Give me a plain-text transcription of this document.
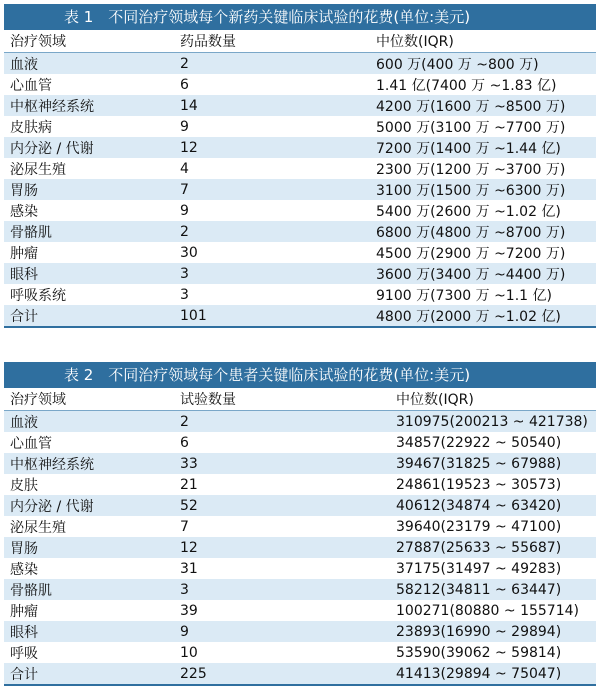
表 1　不同治疗领域每个新药关键临床试验的花费(单位:美元)
治疗领域	药品数量	中位数(IQR)
血液	2	600 万(400 万 ~800 万)
心血管	6	1.41 亿(7400 万 ~1.83 亿)
中枢神经系统	14	4200 万(1600 万 ~8500 万)
皮肤病	9	5000 万(3100 万 ~7700 万)
内分泌 / 代谢	12	7200 万(1400 万 ~1.44 亿)
泌尿生殖	4	2300 万(1200 万 ~3700 万)
胃肠	7	3100 万(1500 万 ~6300 万)
感染	9	5400 万(2600 万 ~1.02 亿)
骨骼肌	2	6800 万(4800 万 ~8700 万)
肿瘤	30	4500 万(2900 万 ~7200 万)
眼科	3	3600 万(3400 万 ~4400 万)
呼吸系统	3	9100 万(7300 万 ~1.1 亿)
合计	101	4800 万(2000 万 ~1.02 亿)
表 2　不同治疗领域每个患者关键临床试验的花费(单位:美元)
治疗领域	试验数量	中位数(IQR)
血液	2	310975(200213 ~ 421738)
心血管	6	34857(22922 ~ 50540)
中枢神经系统	33	39467(31825 ~ 67988)
皮肤	21	24861(19523 ~ 30573)
内分泌 / 代谢	52	40612(34874 ~ 63420)
泌尿生殖	7	39640(23179 ~ 47100)
胃肠	12	27887(25633 ~ 55687)
感染	31	37175(31497 ~ 49283)
骨骼肌	3	58212(34811 ~ 63447)
肿瘤	39	100271(80880 ~ 155714)
眼科	9	23893(16990 ~ 29894)
呼吸	10	53590(39062 ~ 59814)
合计	225	41413(29894 ~ 75047)
